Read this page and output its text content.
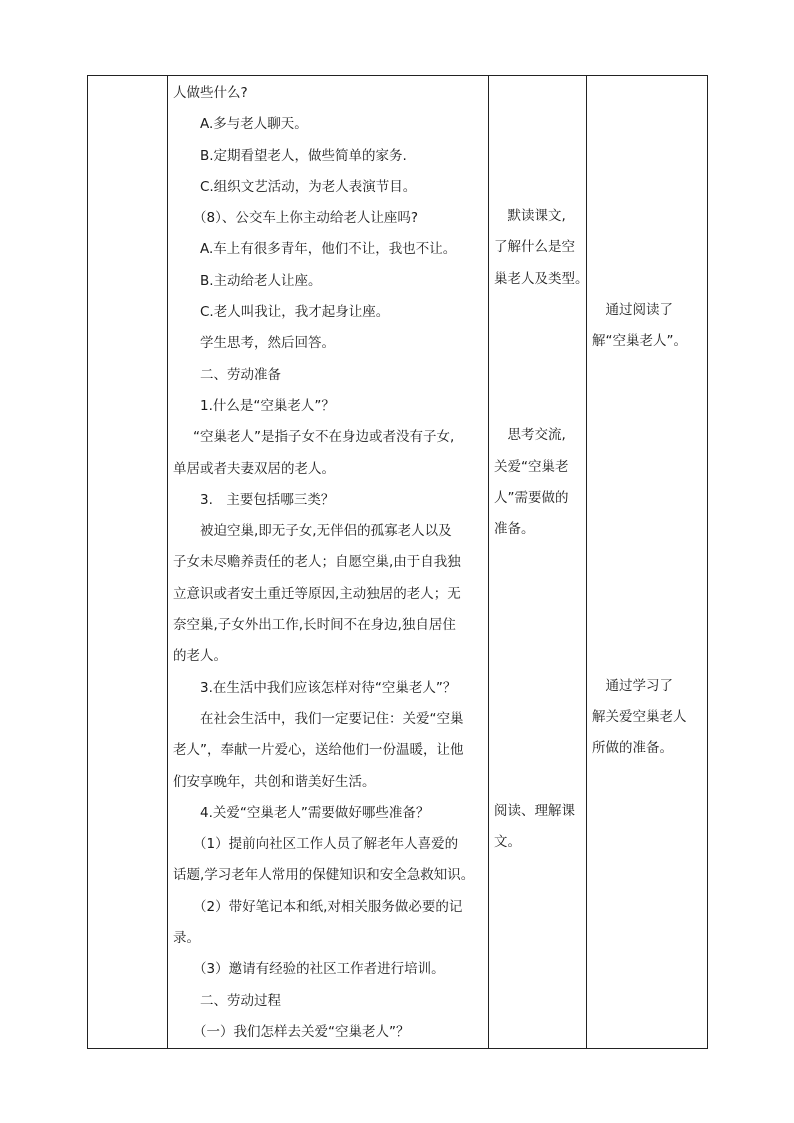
人做些什么?
A.多与老人聊天。
B.定期看望老人，做些简单的家务.
C.组织文艺活动，为老人表演节目。
（8）、公交车上你主动给老人让座吗?
A.车上有很多青年，他们不让，我也不让。
B.主动给老人让座。
C.老人叫我让，我才起身让座。
学生思考，然后回答。
二、劳动准备
1.什么是“空巢老人”？
“空巢老人”是指子女不在身边或者没有子女,
单居或者夫妻双居的老人。
3.　主要包括哪三类？
被迫空巢,即无子女,无伴侣的孤寡老人以及
子女未尽赡养责任的老人；自愿空巢,由于自我独
立意识或者安土重迁等原因,主动独居的老人；无
奈空巢,子女外出工作,长时间不在身边,独自居住
的老人。
3.在生活中我们应该怎样对待“空巢老人”？
在社会生活中，我们一定要记住：关爱“空巢
老人”，奉献一片爱心，送给他们一份温暖，让他
们安享晚年，共创和谐美好生活。
4.关爱“空巢老人”需要做好哪些准备？
（1）提前向社区工作人员了解老年人喜爱的
话题,学习老年人常用的保健知识和安全急救知识。
（2）带好笔记本和纸,对相关服务做必要的记
录。
（3）邀请有经验的社区工作者进行培训。
二、劳动过程
（一）我们怎样去关爱“空巢老人”？

　默读课文,
了解什么是空
巢老人及类型。
　思考交流,
关爱“空巢老
人”需要做的
准备。
阅读、理解课
文。

　通过阅读了
解“空巢老人”。
　通过学习了
解关爱空巢老人
所做的准备。
